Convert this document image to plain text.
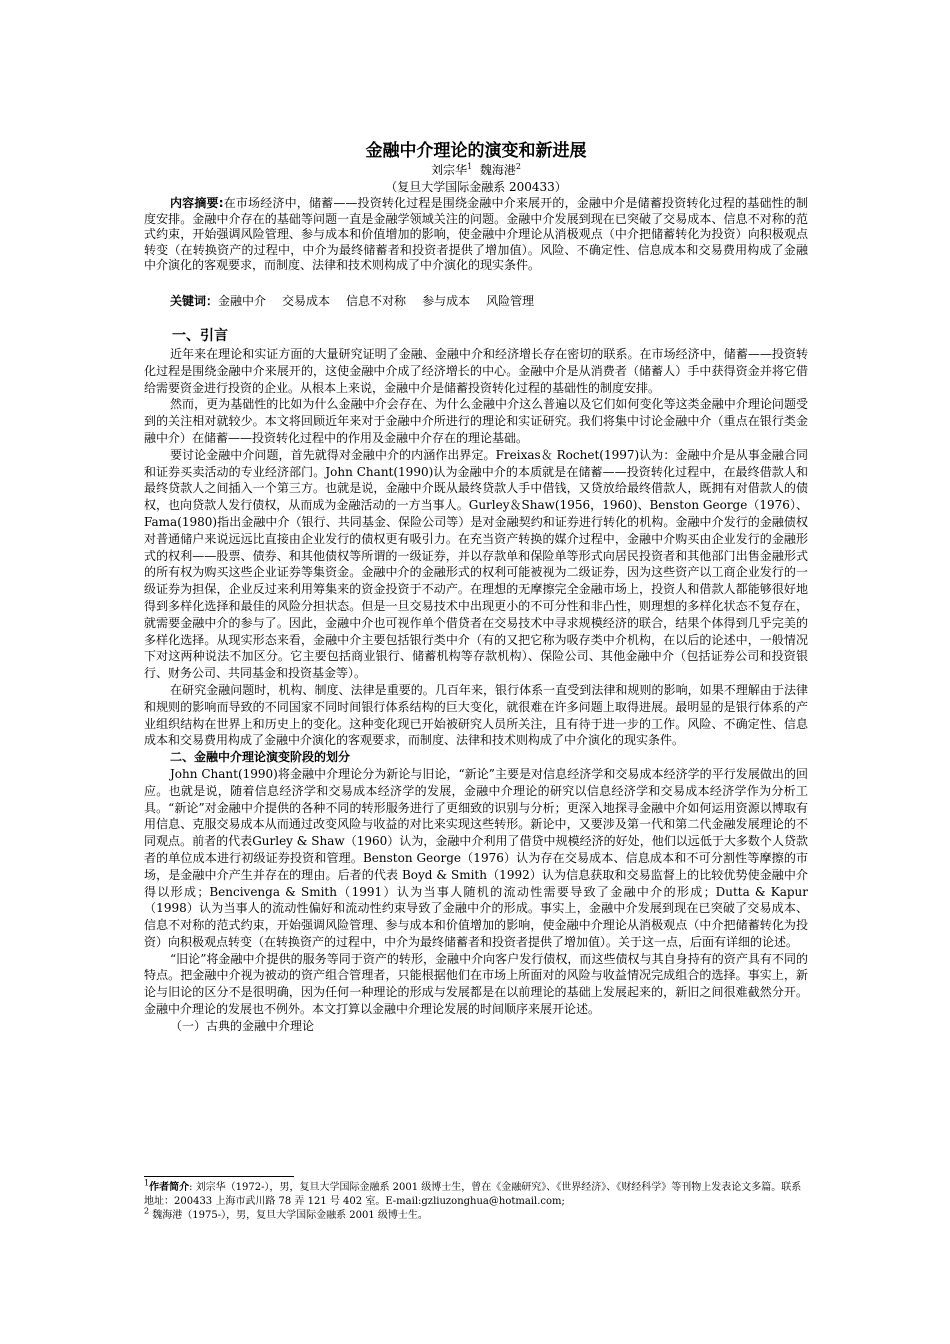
金融中介理论的演变和新进展
刘宗华$^1$ 魏海港$^2$
（复旦大学国际金融系 200433）

内容摘要:在市场经济中，储蓄——投资转化过程是围绕金融中介来展开的，金融中介是储蓄投资转化过程的基础性的制度安排。金融中介存在的基础等问题一直是金融学领域关注的问题。金融中介发展到现在已突破了交易成本、信息不对称的范式约束，开始强调风险管理、参与成本和价值增加的影响，使金融中介理论从消极观点（中介把储蓄转化为投资）向积极观点转变（在转换资产的过程中，中介为最终储蓄者和投资者提供了增加值）。风险、不确定性、信息成本和交易费用构成了金融中介演化的客观要求，而制度、法律和技术则构成了中介演化的现实条件。

关键词：金融中介 交易成本 信息不对称 参与成本 风险管理

一、引言

近年来在理论和实证方面的大量研究证明了金融、金融中介和经济增长存在密切的联系。在市场经济中，储蓄——投资转化过程是围绕金融中介来展开的，这使金融中介成了经济增长的中心。金融中介是从消费者（储蓄人）手中获得资金并将它借给需要资金进行投资的企业。从根本上来说，金融中介是储蓄投资转化过程的基础性的制度安排。

然而，更为基础性的比如为什么金融中介会存在、为什么金融中介这么普遍以及它们如何变化等这类金融中介理论问题受到的关注相对就较少。本文将回顾近年来对于金融中介所进行的理论和实证研究。我们将集中讨论金融中介（重点在银行类金融中介）在储蓄——投资转化过程中的作用及金融中介存在的理论基础。

要讨论金融中介问题，首先就得对金融中介的内涵作出界定。Freixas＆ Rochet(1997)认为：金融中介是从事金融合同和证券买卖活动的专业经济部门。John Chant(1990)认为金融中介的本质就是在储蓄——投资转化过程中，在最终借款人和最终贷款人之间插入一个第三方。也就是说，金融中介既从最终贷款人手中借钱，又贷放给最终借款人，既拥有对借款人的债权，也向贷款人发行债权，从而成为金融活动的一方当事人。Gurley＆Shaw(1956，1960)、Benston George（1976）、Fama(1980)指出金融中介（银行、共同基金、保险公司等）是对金融契约和证券进行转化的机构。金融中介发行的金融债权对普通储户来说远远比直接由企业发行的债权更有吸引力。在充当资产转换的媒介过程中，金融中介购买由企业发行的金融形式的权利——股票、债券、和其他债权等所谓的一级证券，并以存款单和保险单等形式向居民投资者和其他部门出售金融形式的所有权为购买这些企业证券等集资金。金融中介的金融形式的权利可能被视为二级证券，因为这些资产以工商企业发行的一级证券为担保，企业反过来利用筹集来的资金投资于不动产。在理想的无摩擦完全金融市场上，投资人和借款人都能够很好地得到多样化选择和最佳的风险分担状态。但是一旦交易技术中出现更小的不可分性和非凸性，则理想的多样化状态不复存在，就需要金融中介的参与了。因此，金融中介也可视作单个借贷者在交易技术中寻求规模经济的联合，结果个体得到几乎完美的多样化选择。从现实形态来看，金融中介主要包括银行类中介（有的又把它称为吸存类中介机构，在以后的论述中，一般情况下对这两种说法不加区分。它主要包括商业银行、储蓄机构等存款机构）、保险公司、其他金融中介（包括证券公司和投资银行、财务公司、共同基金和投资基金等）。

在研究金融问题时，机构、制度、法律是重要的。几百年来，银行体系一直受到法律和规则的影响，如果不理解由于法律和规则的影响而导致的不同国家不同时间银行体系结构的巨大变化，就很难在许多问题上取得进展。最明显的是银行体系的产业组织结构在世界上和历史上的变化。这种变化现已开始被研究人员所关注，且有待于进一步的工作。风险、不确定性、信息成本和交易费用构成了金融中介演化的客观要求，而制度、法律和技术则构成了中介演化的现实条件。

二、金融中介理论演变阶段的划分

John Chant(1990)将金融中介理论分为新论与旧论，“新论”主要是对信息经济学和交易成本经济学的平行发展做出的回应。也就是说，随着信息经济学和交易成本经济学的发展，金融中介理论的研究以信息经济学和交易成本经济学作为分析工具。“新论”对金融中介提供的各种不同的转形服务进行了更细致的识别与分析；更深入地探寻金融中介如何运用资源以博取有用信息、克服交易成本从而通过改变风险与收益的对比来实现这些转形。新论中，又要涉及第一代和第二代金融发展理论的不同观点。前者的代表Gurley & Shaw（1960）认为，金融中介利用了借贷中规模经济的好处，他们以远低于大多数个人贷款者的单位成本进行初级证券投资和管理。Benston George（1976）认为存在交易成本、信息成本和不可分割性等摩擦的市场，是金融中介产生并存在的理由。后者的代表 Boyd & Smith（1992）认为信息获取和交易监督上的比较优势使金融中介得以形成；Bencivenga & Smith（1991）认为当事人随机的流动性需要导致了金融中介的形成；Dutta & Kapur（1998）认为当事人的流动性偏好和流动性约束导致了金融中介的形成。事实上，金融中介发展到现在已突破了交易成本、信息不对称的范式约束，开始强调风险管理、参与成本和价值增加的影响，使金融中介理论从消极观点（中介把储蓄转化为投资）向积极观点转变（在转换资产的过程中，中介为最终储蓄者和投资者提供了增加值）。关于这一点，后面有详细的论述。

“旧论”将金融中介提供的服务等同于资产的转形，金融中介向客户发行债权，而这些债权与其自身持有的资产具有不同的特点。把金融中介视为被动的资产组合管理者，只能根据他们在市场上所面对的风险与收益情况完成组合的选择。事实上，新论与旧论的区分不是很明确，因为任何一种理论的形成与发展都是在以前理论的基础上发展起来的，新旧之间很难截然分开。金融中介理论的发展也不例外。本文打算以金融中介理论发展的时间顺序来展开论述。

（一）古典的金融中介理论

$^1$作者简介: 刘宗华（1972-），男，复旦大学国际金融系 2001 级博士生，曾在《金融研究》、《世界经济》、《财经科学》等刊物上发表论文多篇。联系地址：200433 上海市武川路 78 弄 121 号 402 室。E-mail:gzliuzonghua@hotmail.com;

$^2$ 魏海港（1975-），男，复旦大学国际金融系 2001 级博士生。
